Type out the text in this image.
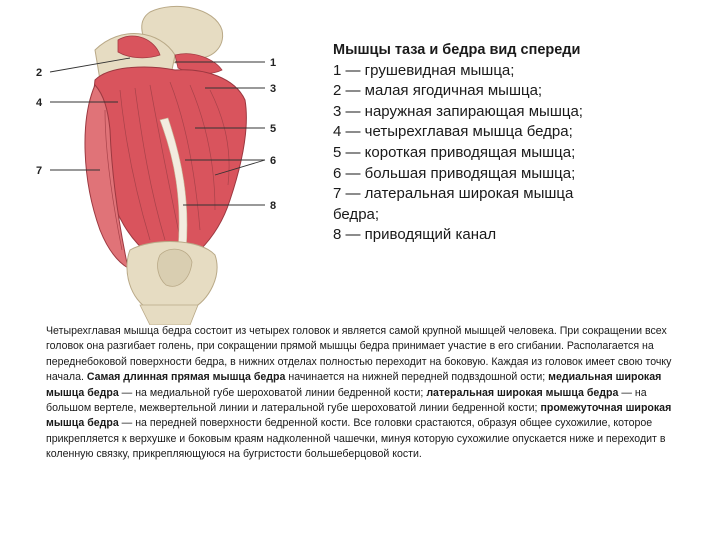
1
2
3
4
5
6
7
8
Мышцы таза и бедра вид спереди
1 — грушевидная мышца;
2 — малая ягодичная мышца;
3 — наружная запирающая мышца;
4 — четырехглавая мышца бедра;
5 — короткая приводящая мышца;
6 — большая приводящая мышца;
7 — латеральная широкая мышца
бедра;
8 — приводящий канал
Четырехглавая мышца бедра состоит из четырех головок и является самой крупной мышцей человека. При сокращении всех головок она разгибает голень, при сокращении прямой мышцы бедра принимает участие в его сгибании. Располагается на переднебоковой поверхности бедра, в нижних отделах полностью переходит на боковую. Каждая из головок имеет свою точку начала. Самая длинная прямая мышца бедра начинается на нижней передней подвздошной ости; медиальная широкая мышца бедра — на медиальной губе шероховатой линии бедренной кости; латеральная широкая мышца бедра — на большом вертеле, межвертельной линии и латеральной губе шероховатой линии бедренной кости; промежуточная широкая мышца бедра — на передней поверхности бедренной кости. Все головки срастаются, образуя общее сухожилие, которое прикрепляется к верхушке и боковым краям надколенной чашечки, минуя которую сухожилие опускается ниже и переходит в коленную связку, прикрепляющуюся на бугристости большеберцовой кости.
